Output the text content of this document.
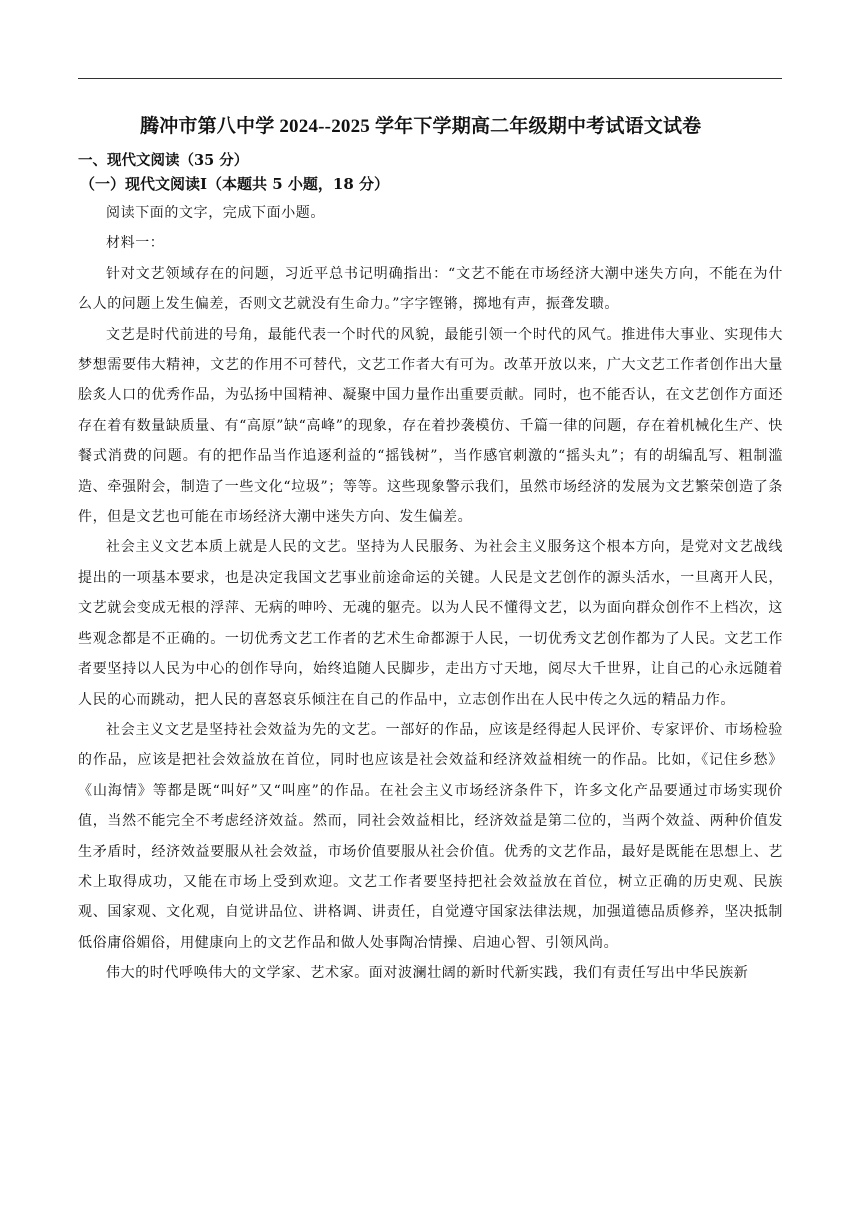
腾冲市第八中学 2024--2025 学年下学期高二年级期中考试语文试卷
一、现代文阅读（35 分）
（一）现代文阅读Ⅰ（本题共 5 小题，18 分）

阅读下面的文字，完成下面小题。

材料一：

针对文艺领域存在的问题，习近平总书记明确指出：“文艺不能在市场经济大潮中迷失方向，不能在为什么人的问题上发生偏差，否则文艺就没有生命力。”字字铿锵，掷地有声，振聋发聩。

文艺是时代前进的号角，最能代表一个时代的风貌，最能引领一个时代的风气。推进伟大事业、实现伟大梦想需要伟大精神，文艺的作用不可替代，文艺工作者大有可为。改革开放以来，广大文艺工作者创作出大量脍炙人口的优秀作品，为弘扬中国精神、凝聚中国力量作出重要贡献。同时，也不能否认，在文艺创作方面还存在着有数量缺质量、有“高原”缺“高峰”的现象，存在着抄袭模仿、千篇一律的问题，存在着机械化生产、快餐式消费的问题。有的把作品当作追逐利益的“摇钱树”，当作感官刺激的“摇头丸”；有的胡编乱写、粗制滥造、牵强附会，制造了一些文化“垃圾”；等等。这些现象警示我们，虽然市场经济的发展为文艺繁荣创造了条件，但是文艺也可能在市场经济大潮中迷失方向、发生偏差。

社会主义文艺本质上就是人民的文艺。坚持为人民服务、为社会主义服务这个根本方向，是党对文艺战线提出的一项基本要求，也是决定我国文艺事业前途命运的关键。人民是文艺创作的源头活水，一旦离开人民，文艺就会变成无根的浮萍、无病的呻吟、无魂的躯壳。以为人民不懂得文艺，以为面向群众创作不上档次，这些观念都是不正确的。一切优秀文艺工作者的艺术生命都源于人民，一切优秀文艺创作都为了人民。文艺工作者要坚持以人民为中心的创作导向，始终追随人民脚步，走出方寸天地，阅尽大千世界，让自己的心永远随着人民的心而跳动，把人民的喜怒哀乐倾注在自己的作品中，立志创作出在人民中传之久远的精品力作。

社会主义文艺是坚持社会效益为先的文艺。一部好的作品，应该是经得起人民评价、专家评价、市场检验的作品，应该是把社会效益放在首位，同时也应该是社会效益和经济效益相统一的作品。比如，《记住乡愁》《山海情》等都是既“叫好”又“叫座”的作品。在社会主义市场经济条件下，许多文化产品要通过市场实现价值，当然不能完全不考虑经济效益。然而，同社会效益相比，经济效益是第二位的，当两个效益、两种价值发生矛盾时，经济效益要服从社会效益，市场价值要服从社会价值。优秀的文艺作品，最好是既能在思想上、艺术上取得成功，又能在市场上受到欢迎。文艺工作者要坚持把社会效益放在首位，树立正确的历史观、民族观、国家观、文化观，自觉讲品位、讲格调、讲责任，自觉遵守国家法律法规，加强道德品质修养，坚决抵制低俗庸俗媚俗，用健康向上的文艺作品和做人处事陶冶情操、启迪心智、引领风尚。

伟大的时代呼唤伟大的文学家、艺术家。面对波澜壮阔的新时代新实践，我们有责任写出中华民族新
